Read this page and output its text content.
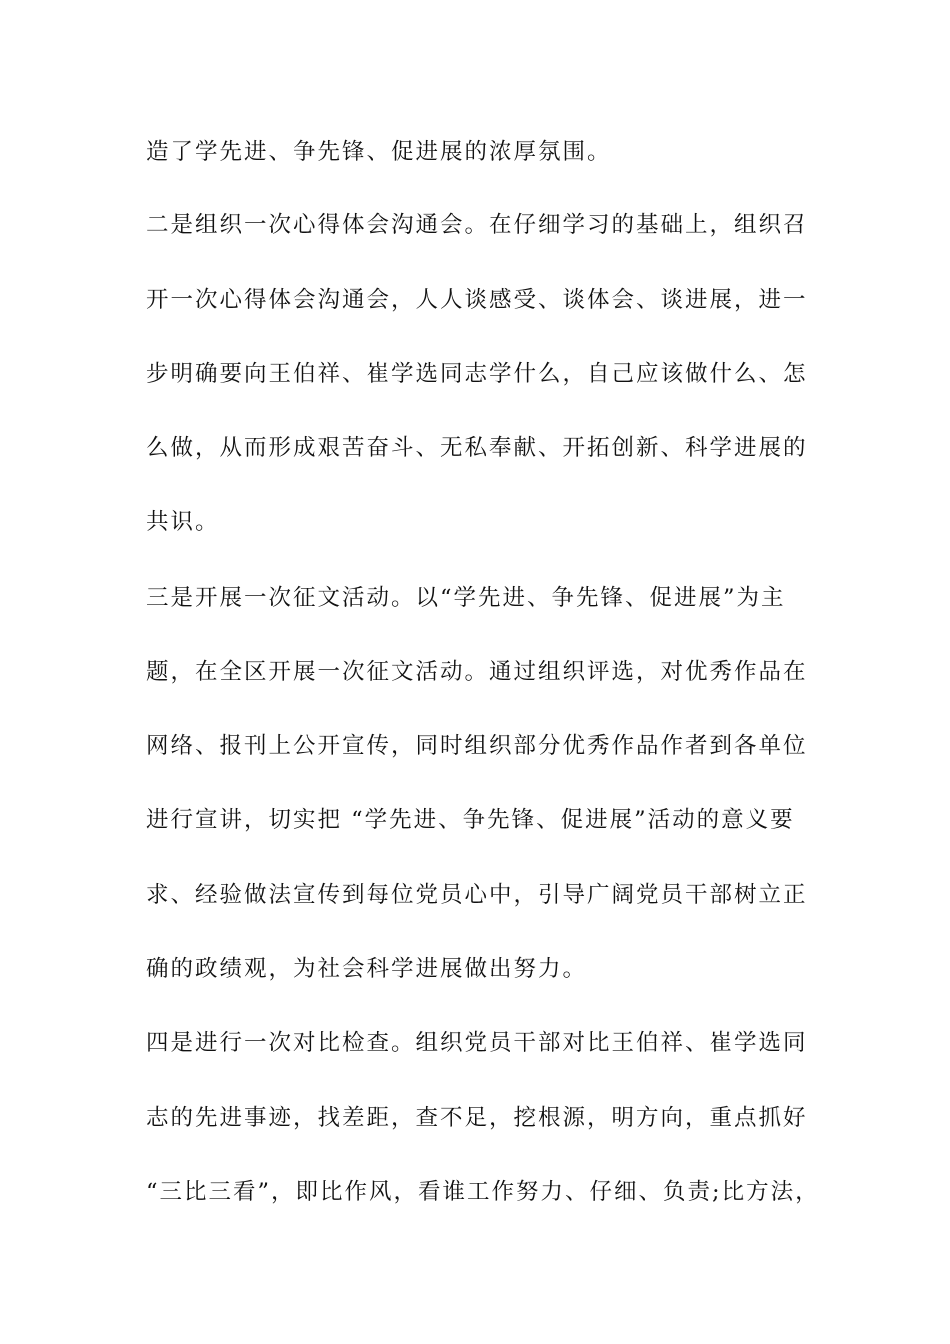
造了学先进、争先锋、促进展的浓厚氛围。
二是组织一次心得体会沟通会。在仔细学习的基础上，组织召
开一次心得体会沟通会，人人谈感受、谈体会、谈进展，进一
步明确要向王伯祥、崔学选同志学什么，自己应该做什么、怎
么做，从而形成艰苦奋斗、无私奉献、开拓创新、科学进展的
共识。
三是开展一次征文活动。以“学先进、争先锋、促进展”为主
题，在全区开展一次征文活动。通过组织评选，对优秀作品在
网络、报刊上公开宣传，同时组织部分优秀作品作者到各单位
进行宣讲，切实把 “学先进、争先锋、促进展”活动的意义要
求、经验做法宣传到每位党员心中，引导广阔党员干部树立正
确的政绩观，为社会科学进展做出努力。
四是进行一次对比检查。组织党员干部对比王伯祥、崔学选同
志的先进事迹，找差距，查不足，挖根源，明方向，重点抓好
“三比三看”，即比作风，看谁工作努力、仔细、负责;比方法，
